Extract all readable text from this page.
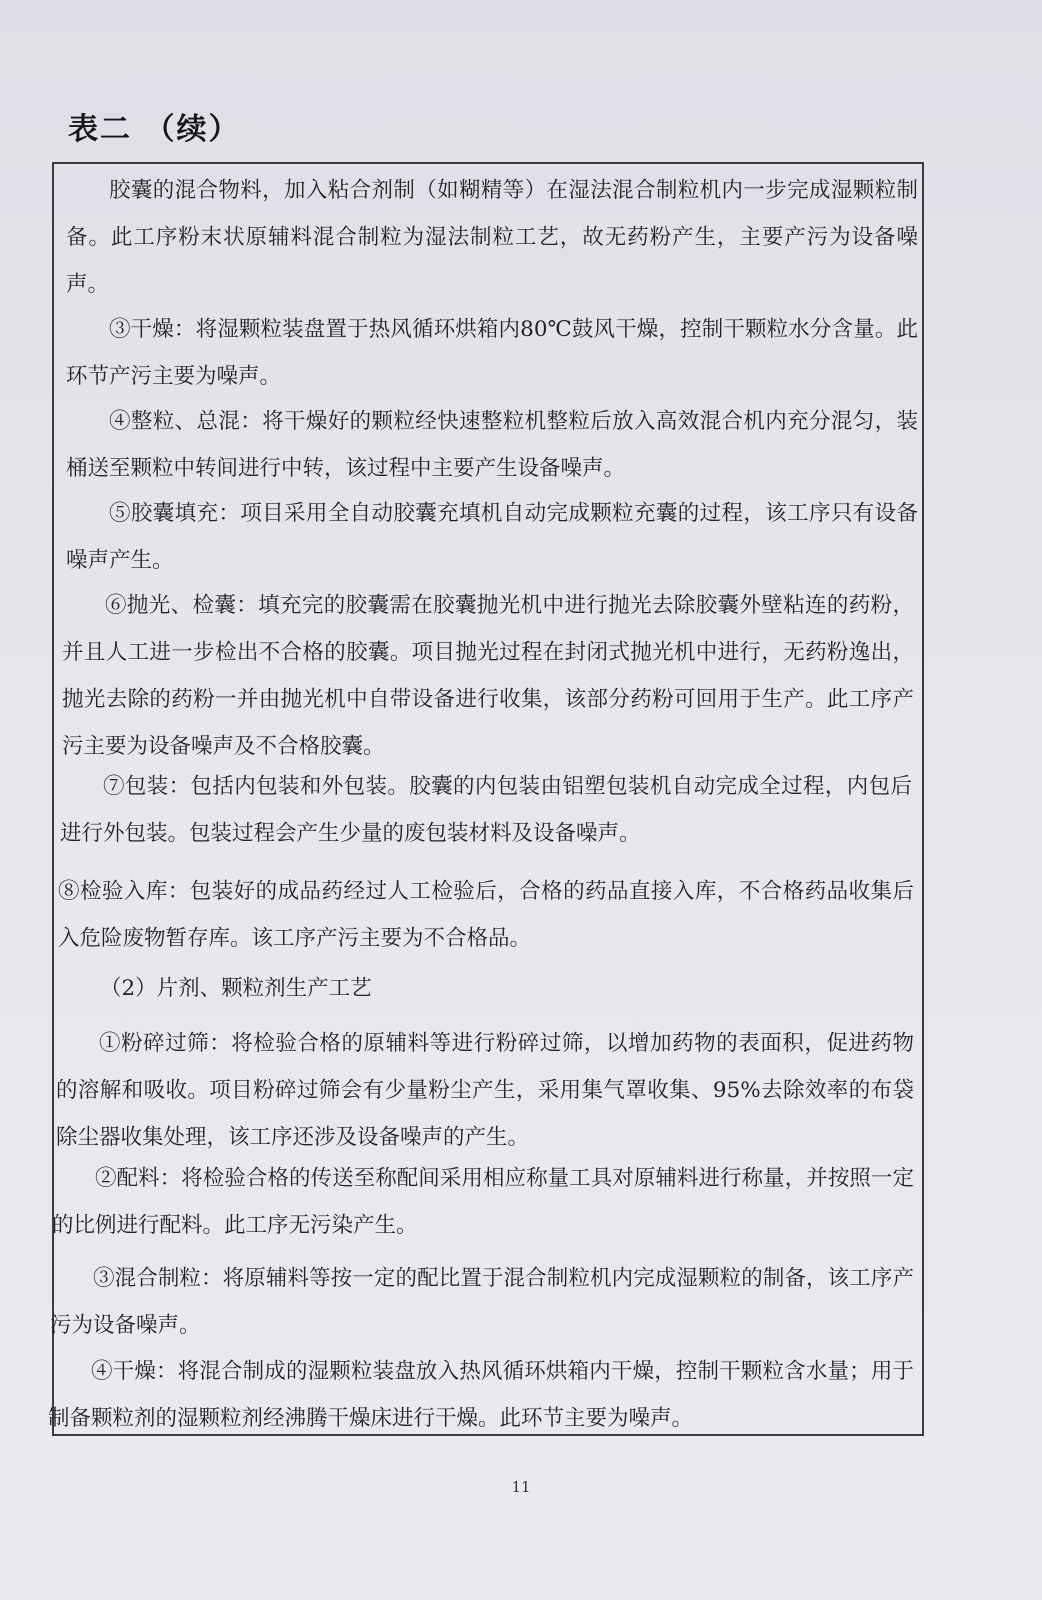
表二 （续）

胶囊的混合物料，加入粘合剂制（如糊精等）在湿法混合制粒机内一步完成湿颗粒制备。此工序粉末状原辅料混合制粒为湿法制粒工艺，故无药粉产生，主要产污为设备噪声。

③干燥：将湿颗粒装盘置于热风循环烘箱内80℃鼓风干燥，控制干颗粒水分含量。此环节产污主要为噪声。

④整粒、总混：将干燥好的颗粒经快速整粒机整粒后放入高效混合机内充分混匀，装桶送至颗粒中转间进行中转，该过程中主要产生设备噪声。

⑤胶囊填充：项目采用全自动胶囊充填机自动完成颗粒充囊的过程，该工序只有设备噪声产生。

⑥抛光、检囊：填充完的胶囊需在胶囊抛光机中进行抛光去除胶囊外壁粘连的药粉，并且人工进一步检出不合格的胶囊。项目抛光过程在封闭式抛光机中进行，无药粉逸出，抛光去除的药粉一并由抛光机中自带设备进行收集，该部分药粉可回用于生产。此工序产污主要为设备噪声及不合格胶囊。

⑦包装：包括内包装和外包装。胶囊的内包装由铝塑包装机自动完成全过程，内包后进行外包装。包装过程会产生少量的废包装材料及设备噪声。

⑧检验入库：包装好的成品药经过人工检验后，合格的药品直接入库，不合格药品收集后入危险废物暂存库。该工序产污主要为不合格品。

（2）片剂、颗粒剂生产工艺

①粉碎过筛：将检验合格的原辅料等进行粉碎过筛，以增加药物的表面积，促进药物的溶解和吸收。项目粉碎过筛会有少量粉尘产生，采用集气罩收集、95%去除效率的布袋除尘器收集处理，该工序还涉及设备噪声的产生。

②配料：将检验合格的传送至称配间采用相应称量工具对原辅料进行称量，并按照一定的比例进行配料。此工序无污染产生。

③混合制粒：将原辅料等按一定的配比置于混合制粒机内完成湿颗粒的制备，该工序产污为设备噪声。

④干燥：将混合制成的湿颗粒装盘放入热风循环烘箱内干燥，控制干颗粒含水量；用于制备颗粒剂的湿颗粒剂经沸腾干燥床进行干燥。此环节主要为噪声。

11
